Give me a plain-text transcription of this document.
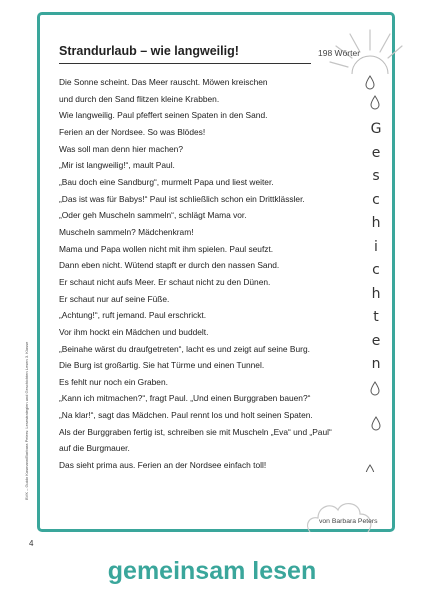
Strandurlaub – wie langweilig!	198 Wörter
Die Sonne scheint. Das Meer rauscht. Möwen kreischen
und durch den Sand flitzen kleine Krabben.
Wie langweilig. Paul pfeffert seinen Spaten in den Sand.
Ferien an der Nordsee. So was Blödes!
Was soll man denn hier machen?
„Mir ist langweilig!“, mault Paul.
„Bau doch eine Sandburg“, murmelt Papa und liest weiter.
„Das ist was für Babys!“ Paul ist schließlich schon ein Drittklässler.
„Oder geh Muscheln sammeln“, schlägt Mama vor.
Muscheln sammeln? Mädchenkram!
Mama und Papa wollen nicht mit ihm spielen. Paul seufzt.
Dann eben nicht. Wütend stapft er durch den nassen Sand.
Er schaut nicht aufs Meer. Er schaut nicht zu den Dünen.
Er schaut nur auf seine Füße.
„Achtung!“, ruft jemand. Paul erschrickt.
Vor ihm hockt ein Mädchen und buddelt.
„Beinahe wärst du draufgetreten“, lacht es und zeigt auf seine Burg.
Die Burg ist großartig. Sie hat Türme und einen Tunnel.
Es fehlt nur noch ein Graben.
„Kann ich mitmachen?“, fragt Paul. „Und einen Burggraben bauen?“
„Na klar!“, sagt das Mädchen. Paul rennt los und holt seinen Spaten.
Als der Burggraben fertig ist, schreiben sie mit Muscheln „Eva“ und „Paul“
auf die Burgmauer.
Das sieht prima aus. Ferien an der Nordsee einfach toll!
G
e
s
c
h
i
c
h
t
e
n
von Barbara Peters
BVK – Guido Kasmann/Barbara Peters: Lesestrategien und Geschichten Lesen 3. Klasse
4
gemeinsam lesen
